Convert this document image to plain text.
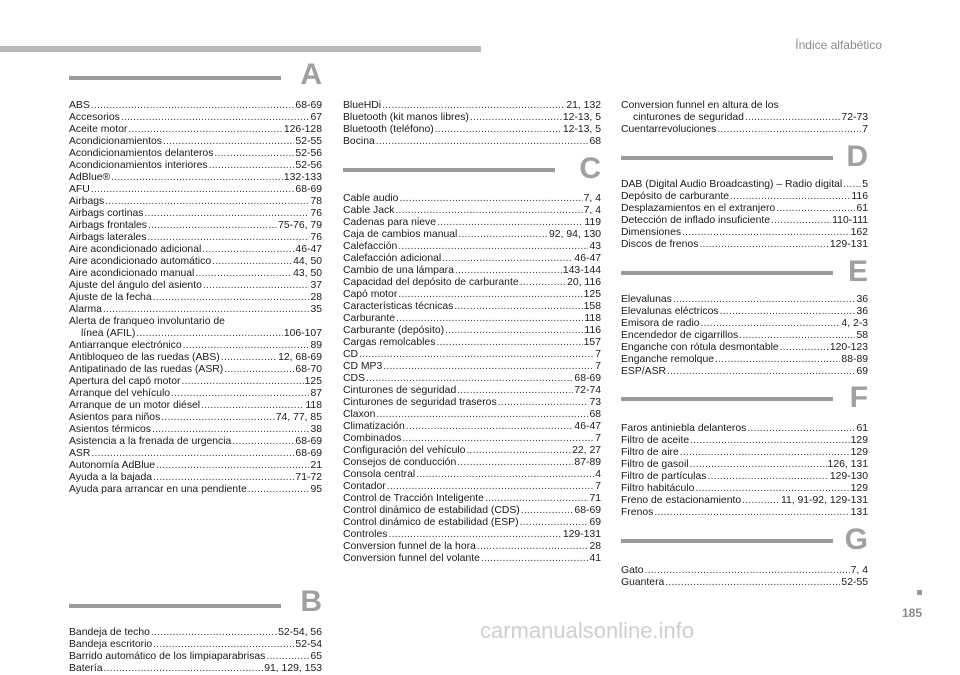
Índice alfabético
A
ABS .....	68-69
Accesorios .....	67
Aceite motor .....	126-128
Acondicionamientos .....	52-55
Acondicionamientos delanteros .....	52-56
Acondicionamientos interiores .....	52-56
AdBlue® .....	132-133
AFU .....	68-69
Airbags .....	78
Airbags cortinas .....	76
Airbags frontales .....	75-76, 79
Airbags laterales .....	76
Aire acondicionado adicional .....	46-47
Aire acondicionado automático .....	44, 50
Aire acondicionado manual .....	43, 50
Ajuste del ángulo del asiento .....	37
Ajuste de la fecha .....	28
Alarma .....	35
Alerta de franqueo involuntario de
línea (AFIL) .....	106-107
Antiarranque electrónico .....	89
Antibloqueo de las ruedas (ABS) .....	12, 68-69
Antipatinado de las ruedas (ASR) .....	68-70
Apertura del capó motor .....	125
Arranque del vehículo .....	87
Arranque de un motor diésel .....	118
Asientos para niños .....	74, 77, 85
Asientos térmicos .....	38
Asistencia a la frenada de urgencia .....	68-69
ASR .....	68-69
Autonomía AdBlue .....	21
Ayuda a la bajada .....	71-72
Ayuda para arrancar en una pendiente .....	95
B
Bandeja de techo .....	52-54, 56
Bandeja escritorio .....	52-54
Barrido automático de los limpiaparabrisas .....	65
Batería .....	91, 129, 153
BlueHDi .....	21, 132
Bluetooth (kit manos libres) .....	12-13, 5
Bluetooth (teléfono) .....	12-13, 5
Bocina .....	68
C
Cable audio .....	7, 4
Cable Jack .....	7, 4
Cadenas para nieve .....	119
Caja de cambios manual .....	92, 94, 130
Calefacción .....	43
Calefacción adicional .....	46-47
Cambio de una lámpara .....	143-144
Capacidad del depósito de carburante .....	20, 116
Capó motor .....	125
Características técnicas .....	158
Carburante .....	118
Carburante (depósito) .....	116
Cargas remolcables .....	157
CD .....	7
CD MP3 .....	7
CDS .....	68-69
Cinturones de seguridad .....	72-74
Cinturones de seguridad traseros .....	73
Claxon .....	68
Climatización .....	46-47
Combinados .....	7
Configuración del vehículo .....	22, 27
Consejos de conducción .....	87-89
Consola central .....	4
Contador .....	7
Control de Tracción Inteligente .....	71
Control dinámico de estabilidad (CDS) .....	68-69
Control dinámico de estabilidad (ESP) .....	69
Controles .....	129-131
Conversion funnel de la hora .....	28
Conversion funnel del volante .....	41
Conversion funnel en altura de los
cinturones de seguridad .....	72-73
Cuentarrevoluciones .....	7
D
DAB (Digital Audio Broadcasting) – Radio digital ..... 5
Depósito de carburante .....	116
Desplazamientos en el extranjero .....	61
Detección de inflado insuficiente .....	110-111
Dimensiones .....	162
Discos de frenos .....	129-131
E
Elevalunas .....	36
Elevalunas eléctricos .....	36
Emisora de radio .....	4, 2-3
Encendedor de cigarrillos .....	58
Enganche con rótula desmontable .....	120-123
Enganche remolque .....	88-89
ESP/ASR .....	69
F
Faros antiniebla delanteros .....	61
Filtro de aceite .....	129
Filtro de aire .....	129
Filtro de gasoil .....	126, 131
Filtro de partículas .....	129-130
Filtro habitáculo .....	129
Freno de estacionamiento .....	11, 91-92, 129-131
Frenos .....	131
G
Gato .....	7, 4
Guantera .....	52-55
185
carmanualsonline.info
